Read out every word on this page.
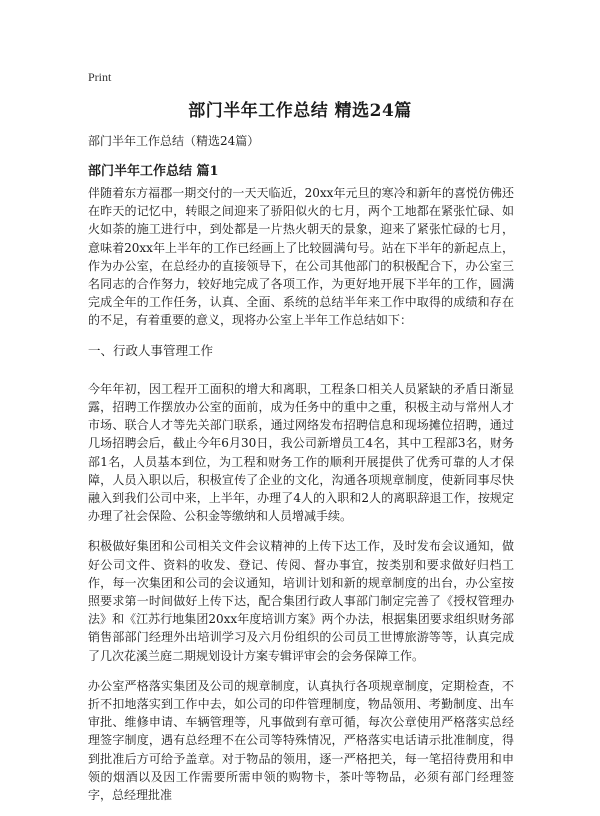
Print
部门半年工作总结 精选24篇
部门半年工作总结（精选24篇）
部门半年工作总结 篇1

伴随着东方福郡一期交付的一天天临近，20xx年元旦的寒冷和新年的喜悦仿佛还在昨天的记忆中，转眼之间迎来了骄阳似火的七月，两个工地都在紧张忙碌、如火如荼的施工进行中，到处都是一片热火朝天的景象，迎来了紧张忙碌的七月，意味着20xx年上半年的工作已经画上了比较圆满句号。站在下半年的新起点上，作为办公室，在总经办的直接领导下，在公司其他部门的积极配合下，办公室三名同志的合作努力，较好地完成了各项工作，为更好地开展下半年的工作，圆满完成全年的工作任务，认真、全面、系统的总结半年来工作中取得的成绩和存在的不足，有着重要的意义，现将办公室上半年工作总结如下：

一、行政人事管理工作

今年年初，因工程开工面积的增大和离职，工程条口相关人员紧缺的矛盾日渐显露，招聘工作摆放办公室的面前，成为任务中的重中之重，积极主动与常州人才市场、联合人才等先关部门联系，通过网络发布招聘信息和现场摊位招聘，通过几场招聘会后，截止今年6月30日，我公司新增员工4名，其中工程部3名，财务部1名，人员基本到位，为工程和财务工作的顺利开展提供了优秀可靠的人才保障，人员入职以后，积极宣传了企业的文化，沟通各项规章制度，使新同事尽快融入到我们公司中来，上半年，办理了4人的入职和2人的离职辞退工作，按规定办理了社会保险、公积金等缴纳和人员增减手续。

积极做好集团和公司相关文件会议精神的上传下达工作，及时发布会议通知，做好公司文件、资料的收发、登记、传阅、督办事宜，按类别和要求做好归档工作，每一次集团和公司的会议通知，培训计划和新的规章制度的出台，办公室按照要求第一时间做好上传下达，配合集团行政人事部门制定完善了《授权管理办法》和《江苏行地集团20xx年度培训方案》两个办法，根据集团要求组织财务部销售部部门经理外出培训学习及六月份组织的公司员工世博旅游等等，认真完成了几次花溪兰庭二期规划设计方案专辑评审会的会务保障工作。

办公室严格落实集团及公司的规章制度，认真执行各项规章制度，定期检查，不折不扣地落实到工作中去，如公司的印件管理制度，物品领用、考勤制度、出车审批、维修申请、车辆管理等，凡事做到有章可循，每次公章使用严格落实总经理签字制度，遇有总经理不在公司等特殊情况，严格落实电话请示批准制度，得到批准后方可给予盖章。对于物品的领用，逐一严格把关，每一笔招待费用和申领的烟酒以及因工作需要所需申领的购物卡，茶叶等物品，必须有部门经理签字，总经理批准
